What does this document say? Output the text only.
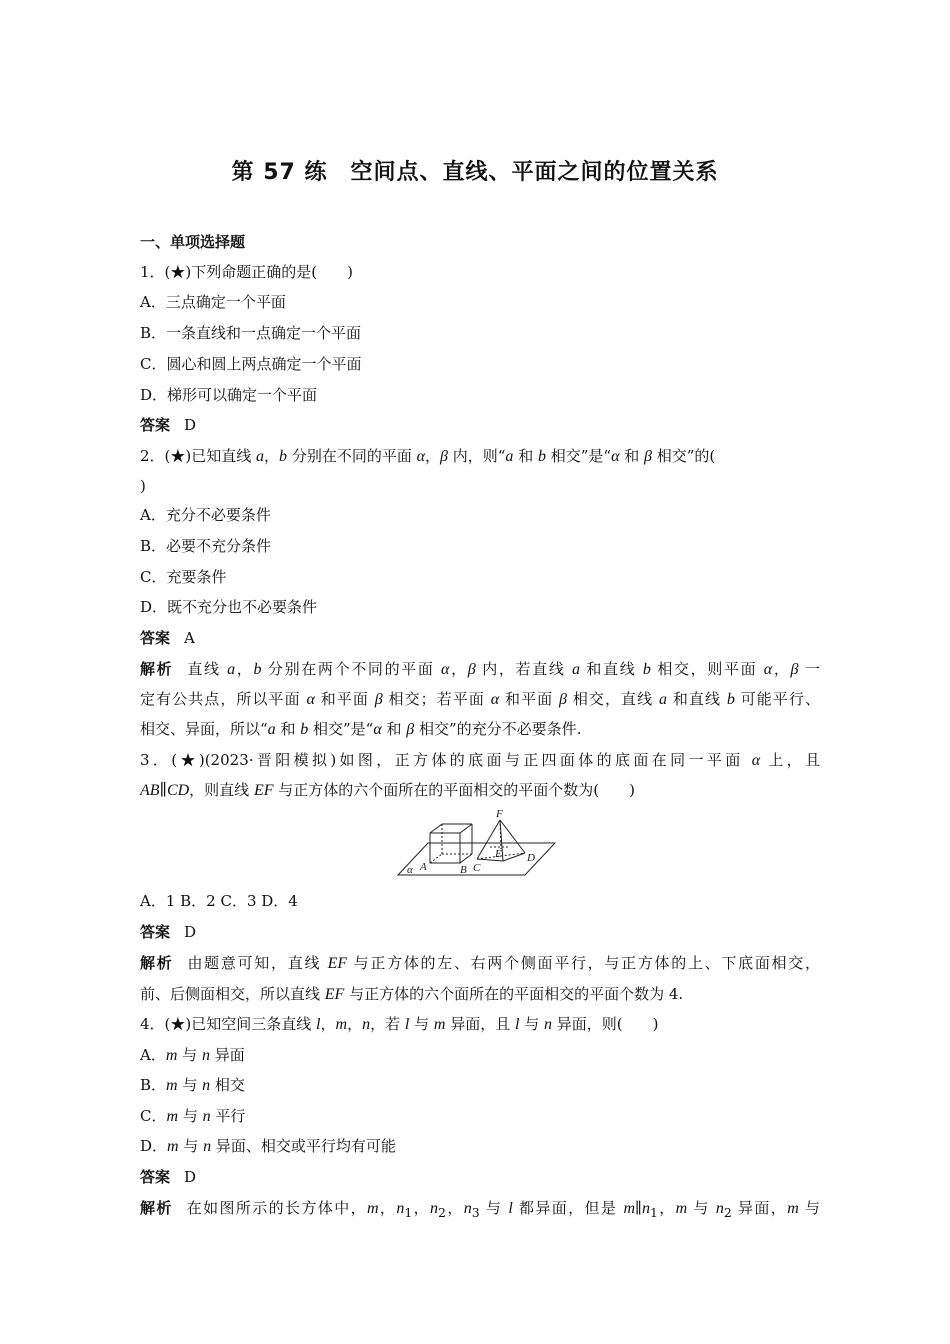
第 57 练　空间点、直线、平面之间的位置关系
一、单项选择题
1．(★)下列命题正确的是(　　)
A．三点确定一个平面
B．一条直线和一点确定一个平面
C．圆心和圆上两点确定一个平面
D．梯形可以确定一个平面
答案 D
2．(★)已知直线 a，b 分别在不同的平面 α，β 内，则“a 和 b 相交”是“α 和 β 相交”的(
)
A．充分不必要条件
B．必要不充分条件
C．充要条件
D．既不充分也不必要条件
答案 A
解析 直线 a，b 分别在两个不同的平面 α，β 内，若直线 a 和直线 b 相交，则平面 α，β 一
定有公共点，所以平面 α 和平面 β 相交；若平面 α 和平面 β 相交，直线 a 和直线 b 可能平行、
相交、异面，所以“a 和 b 相交”是“α 和 β 相交”的充分不必要条件.
3．(★)(2023·晋阳模拟)如图，正方体的底面与正四面体的底面在同一平面 α 上，且
AB∥CD，则直线 EF 与正方体的六个面所在的平面相交的平面个数为(　　)
F
E D
A	B C
α
A．1 B．2 C．3 D．4
答案 D
解析 由题意可知，直线 EF 与正方体的左、右两个侧面平行，与正方体的上、下底面相交，
前、后侧面相交，所以直线 EF 与正方体的六个面所在的平面相交的平面个数为 4.
4．(★)已知空间三条直线 l，m，n，若 l 与 m 异面，且 l 与 n 异面，则(　　)
A．m 与 n 异面
B．m 与 n 相交
C．m 与 n 平行
D．m 与 n 异面、相交或平行均有可能
答案 D
解析 在如图所示的长方体中，m，$n_1$，$n_2$，$n_3$ 与 l 都异面，但是 $m\parallel n_1$，m 与 $n_2$ 异面，m 与
